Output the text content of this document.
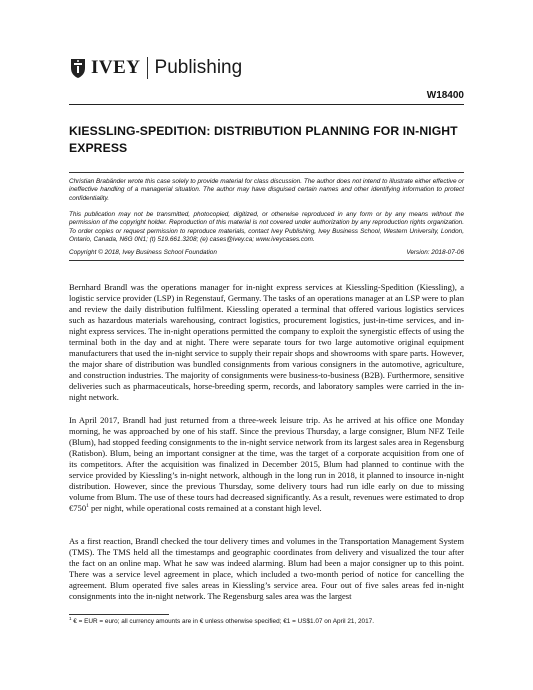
IVEY Publishing
W18400
KIESSLING-SPEDITION: DISTRIBUTION PLANNING FOR IN-NIGHT EXPRESS
Christian Brabänder wrote this case solely to provide material for class discussion. The author does not intend to illustrate either effective or ineffective handling of a managerial situation. The author may have disguised certain names and other identifying information to protect confidentiality.
This publication may not be transmitted, photocopied, digitized, or otherwise reproduced in any form or by any means without the permission of the copyright holder. Reproduction of this material is not covered under authorization by any reproduction rights organization. To order copies or request permission to reproduce materials, contact Ivey Publishing, Ivey Business School, Western University, London, Ontario, Canada, N6G 0N1; (t) 519.661.3208; (e) cases@ivey.ca; www.iveycases.com.
Copyright © 2018, Ivey Business School Foundation	Version: 2018-07-06
Bernhard Brandl was the operations manager for in-night express services at Kiessling-Spedition (Kiessling), a logistic service provider (LSP) in Regenstauf, Germany. The tasks of an operations manager at an LSP were to plan and review the daily distribution fulfilment. Kiessling operated a terminal that offered various logistics services such as hazardous materials warehousing, contract logistics, procurement logistics, just-in-time services, and in-night express services. The in-night operations permitted the company to exploit the synergistic effects of using the terminal both in the day and at night. There were separate tours for two large automotive original equipment manufacturers that used the in-night service to supply their repair shops and showrooms with spare parts. However, the major share of distribution was bundled consignments from various consigners in the automotive, agriculture, and construction industries. The majority of consignments were business-to-business (B2B). Furthermore, sensitive deliveries such as pharmaceuticals, horse-breeding sperm, records, and laboratory samples were carried in the in-night network.
In April 2017, Brandl had just returned from a three-week leisure trip. As he arrived at his office one Monday morning, he was approached by one of his staff. Since the previous Thursday, a large consigner, Blum NFZ Teile (Blum), had stopped feeding consignments to the in-night service network from its largest sales area in Regensburg (Ratisbon). Blum, being an important consigner at the time, was the target of a corporate acquisition from one of its competitors. After the acquisition was finalized in December 2015, Blum had planned to continue with the service provided by Kiessling’s in-night network, although in the long run in 2018, it planned to insource in-night distribution. However, since the previous Thursday, some delivery tours had run idle early on due to missing volume from Blum. The use of these tours had decreased significantly. As a result, revenues were estimated to drop $€750^1$ per night, while operational costs remained at a constant high level.
As a first reaction, Brandl checked the tour delivery times and volumes in the Transportation Management System (TMS). The TMS held all the timestamps and geographic coordinates from delivery and visualized the tour after the fact on an online map. What he saw was indeed alarming. Blum had been a major consigner up to this point. There was a service level agreement in place, which included a two-month period of notice for cancelling the agreement. Blum operated five sales areas in Kiessling’s service area. Four out of five sales areas fed in-night consignments into the in-night network. The Regensburg sales area was the largest
$^1$ € = EUR = euro; all currency amounts are in € unless otherwise specified; €1 = US$1.07 on April 21, 2017.
